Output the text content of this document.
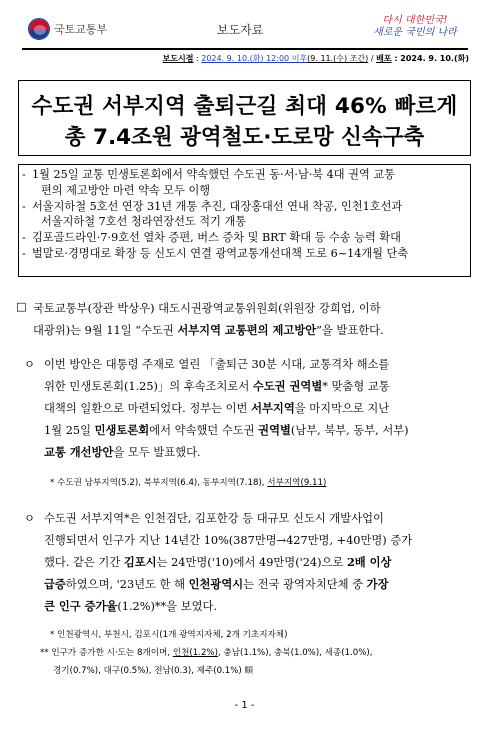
국토교통부	보도자료
다시 대한민국!
새로운 국민의 나라
보도시점 : 2024. 9. 10.(화) 12:00 이후(9. 11.(수) 조간) / 배포 : 2024. 9. 10.(화)
수도권 서부지역 출퇴근길 최대 46% 빠르게
총 7.4조원 광역철도·도로망 신속구축
- 1월 25일 교통 민생토론회에서 약속했던 수도권 동·서·남·북 4대 권역 교통
편의 제고방안 마련 약속 모두 이행
- 서울지하철 5호선 연장 31년 개통 추진, 대장홍대선 연내 착공, 인천1호선과
서울지하철 7호선 청라연장선도 적기 개통
- 김포골드라인·7·9호선 열차 증편, 버스 증차 및 BRT 확대 등 수송 능력 확대
- 벌말로·경명대로 확장 등 신도시 연결 광역교통개선대책 도로 6~14개월 단축
□ 국토교통부(장관 박상우) 대도시권광역교통위원회(위원장 강희업, 이하
대광위)는 9월 11일 “수도권 서부지역 교통편의 제고방안”을 발표한다.
ㅇ 이번 방안은 대통령 주재로 열린 「출퇴근 30분 시대, 교통격차 해소를
위한 민생토론회(1.25)」의 후속조치로서 수도권 권역별* 맞춤형 교통
대책의 일환으로 마련되었다. 정부는 이번 서부지역을 마지막으로 지난
1월 25일 민생토론회에서 약속했던 수도권 권역별(남부, 북부, 동부, 서부)
교통 개선방안을 모두 발표했다.
* 수도권 남부지역(5.2), 북부지역(6.4), 동부지역(7.18), 서부지역(9.11)
ㅇ 수도권 서부지역*은 인천검단, 김포한강 등 대규모 신도시 개발사업이
진행되면서 인구가 지난 14년간 10%(387만명→427만명, +40만명) 증가
했다. 같은 기간 김포시는 24만명('10)에서 49만명('24)으로 2배 이상
급증하였으며, '23년도 한 해 인천광역시는 전국 광역자치단체 중 가장
큰 인구 증가율(1.2%)**을 보였다.
* 인천광역시, 부천시, 김포시(1개 광역지자체, 2개 기초지자체)
** 인구가 증가한 시·도는 8개이며, 인천(1.2%), 충남(1.1%), 충북(1.0%), 세종(1.0%),
경기(0.7%), 대구(0.5%), 전남(0.3), 제주(0.1%) 順
- 1 -
